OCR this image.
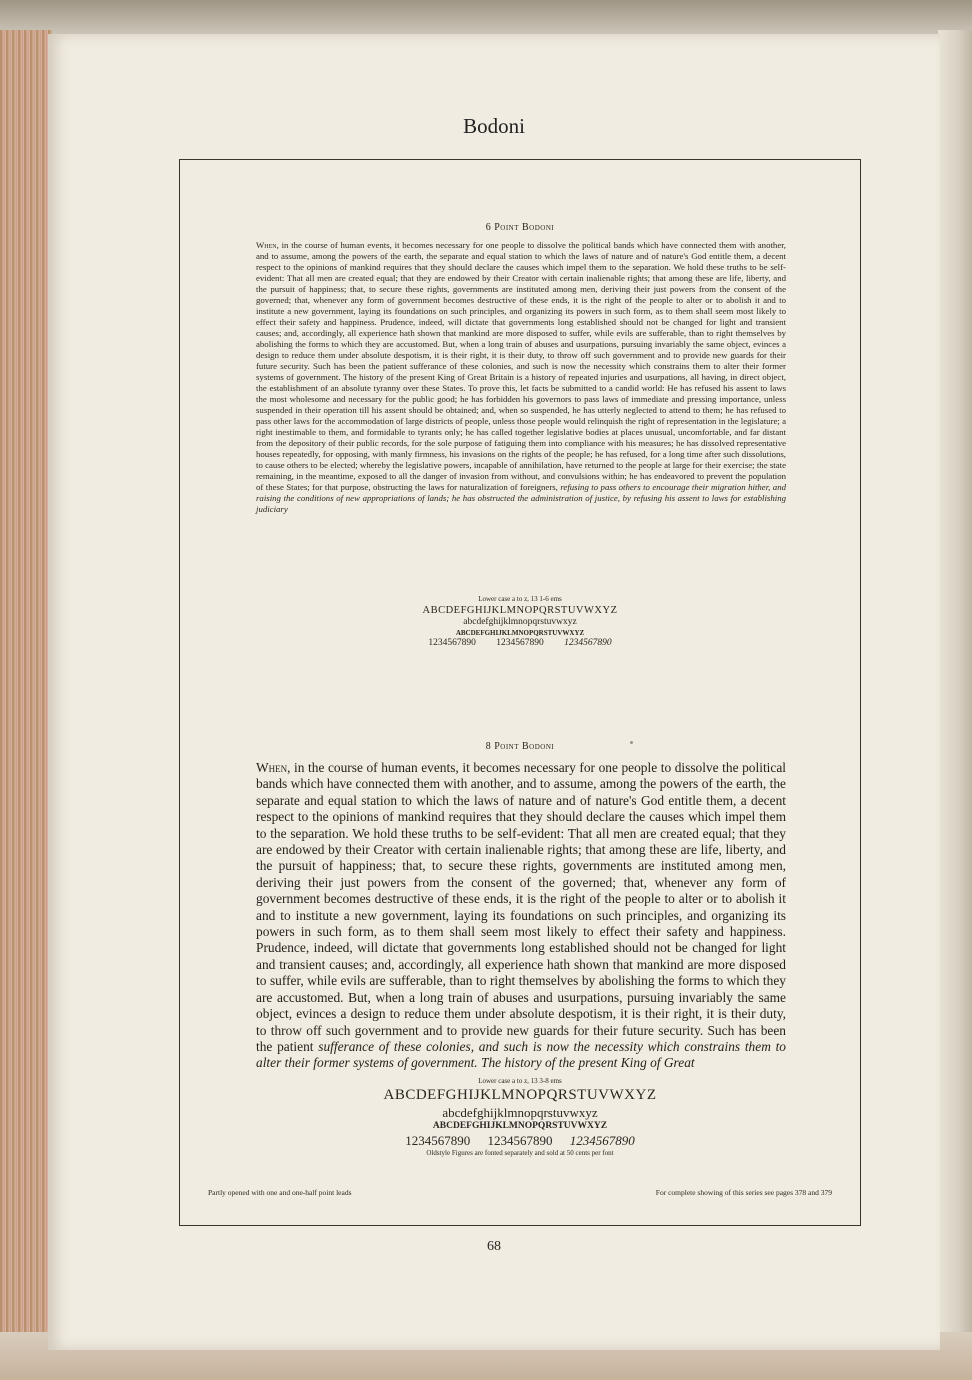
Bodoni
6 Point Bodoni
When, in the course of human events, it becomes necessary for one people to dissolve the political bands which have connected them with another, and to assume, among the powers of the earth, the separate and equal station to which the laws of nature and of nature's God entitle them, a decent respect to the opinions of mankind requires that they should declare the causes which impel them to the separation. We hold these truths to be self-evident: That all men are created equal; that they are endowed by their Creator with certain inalienable rights; that among these are life, liberty, and the pursuit of happiness; that, to secure these rights, governments are instituted among men, deriving their just powers from the consent of the governed; that, whenever any form of government becomes destructive of these ends, it is the right of the people to alter or to abolish it and to institute a new government, laying its foundations on such principles, and organizing its powers in such form, as to them shall seem most likely to effect their safety and happiness. Prudence, indeed, will dictate that governments long established should not be changed for light and transient causes; and, accordingly, all experience hath shown that mankind are more disposed to suffer, while evils are sufferable, than to right themselves by abolishing the forms to which they are accustomed. But, when a long train of abuses and usurpations, pursuing invariably the same object, evinces a design to reduce them under absolute despotism, it is their right, it is their duty, to throw off such government and to provide new guards for their future security. Such has been the patient sufferance of these colonies, and such is now the necessity which constrains them to alter their former systems of government. The history of the present King of Great Britain is a history of repeated injuries and usurpations, all having, in direct object, the establishment of an absolute tyranny over these States. To prove this, let facts be submitted to a candid world: He has refused his assent to laws the most wholesome and necessary for the public good; he has forbidden his governors to pass laws of immediate and pressing importance, unless suspended in their operation till his assent should be obtained; and, when so suspended, he has utterly neglected to attend to them; he has refused to pass other laws for the accommodation of large districts of people, unless those people would relinquish the right of representation in the legislature; a right inestimable to them, and formidable to tyrants only; he has called together legislative bodies at places unusual, uncomfortable, and far distant from the depository of their public records, for the sole purpose of fatiguing them into compliance with his measures; he has dissolved representative houses repeatedly, for opposing, with manly firmness, his invasions on the rights of the people; he has refused, for a long time after such dissolutions, to cause others to be elected; whereby the legislative powers, incapable of annihilation, have returned to the people at large for their exercise; the state remaining, in the meantime, exposed to all the danger of invasion from without, and convulsions within; he has endeavored to prevent the population of these States; for that purpose, obstructing the laws for naturalization of foreigners, refusing to pass others to encourage their migration hither, and raising the conditions of new appropriations of lands; he has obstructed the administration of justice, by refusing his assent to laws for establishing judiciary
Lower case a to z, 13 1-6 ems
ABCDEFGHIJKLMNOPQRSTUVWXYZ
abcdefghijklmnopqrstuvwxyz
ABCDEFGHIJKLMNOPQRSTUVWXYZ
1234567890 1234567890 1234567890
8 Point Bodoni
When, in the course of human events, it becomes necessary for one people to dissolve the political bands which have connected them with another, and to assume, among the powers of the earth, the separate and equal station to which the laws of nature and of nature's God entitle them, a decent respect to the opinions of mankind requires that they should declare the causes which impel them to the separation. We hold these truths to be self-evident: That all men are created equal; that they are endowed by their Creator with certain inalienable rights; that among these are life, liberty, and the pursuit of happiness; that, to secure these rights, governments are instituted among men, deriving their just powers from the consent of the governed; that, whenever any form of government becomes destructive of these ends, it is the right of the people to alter or to abolish it and to institute a new government, laying its foundations on such principles, and organizing its powers in such form, as to them shall seem most likely to effect their safety and happiness. Prudence, indeed, will dictate that governments long established should not be changed for light and transient causes; and, accordingly, all experience hath shown that mankind are more disposed to suffer, while evils are sufferable, than to right themselves by abolishing the forms to which they are accustomed. But, when a long train of abuses and usurpations, pursuing invariably the same object, evinces a design to reduce them under absolute despotism, it is their right, it is their duty, to throw off such government and to provide new guards for their future security. Such has been the patient sufferance of these colonies, and such is now the necessity which constrains them to alter their former systems of government. The history of the present King of Great
Lower case a to z, 13 3-8 ems
ABCDEFGHIJKLMNOPQRSTUVWXYZ
abcdefghijklmnopqrstuvwxyz
ABCDEFGHIJKLMNOPQRSTUVWXYZ
1234567890 1234567890 1234567890
Oldstyle Figures are fonted separately and sold at 50 cents per font
Partly opened with one and one-half point leads	For complete showing of this series see pages 378 and 379
68
